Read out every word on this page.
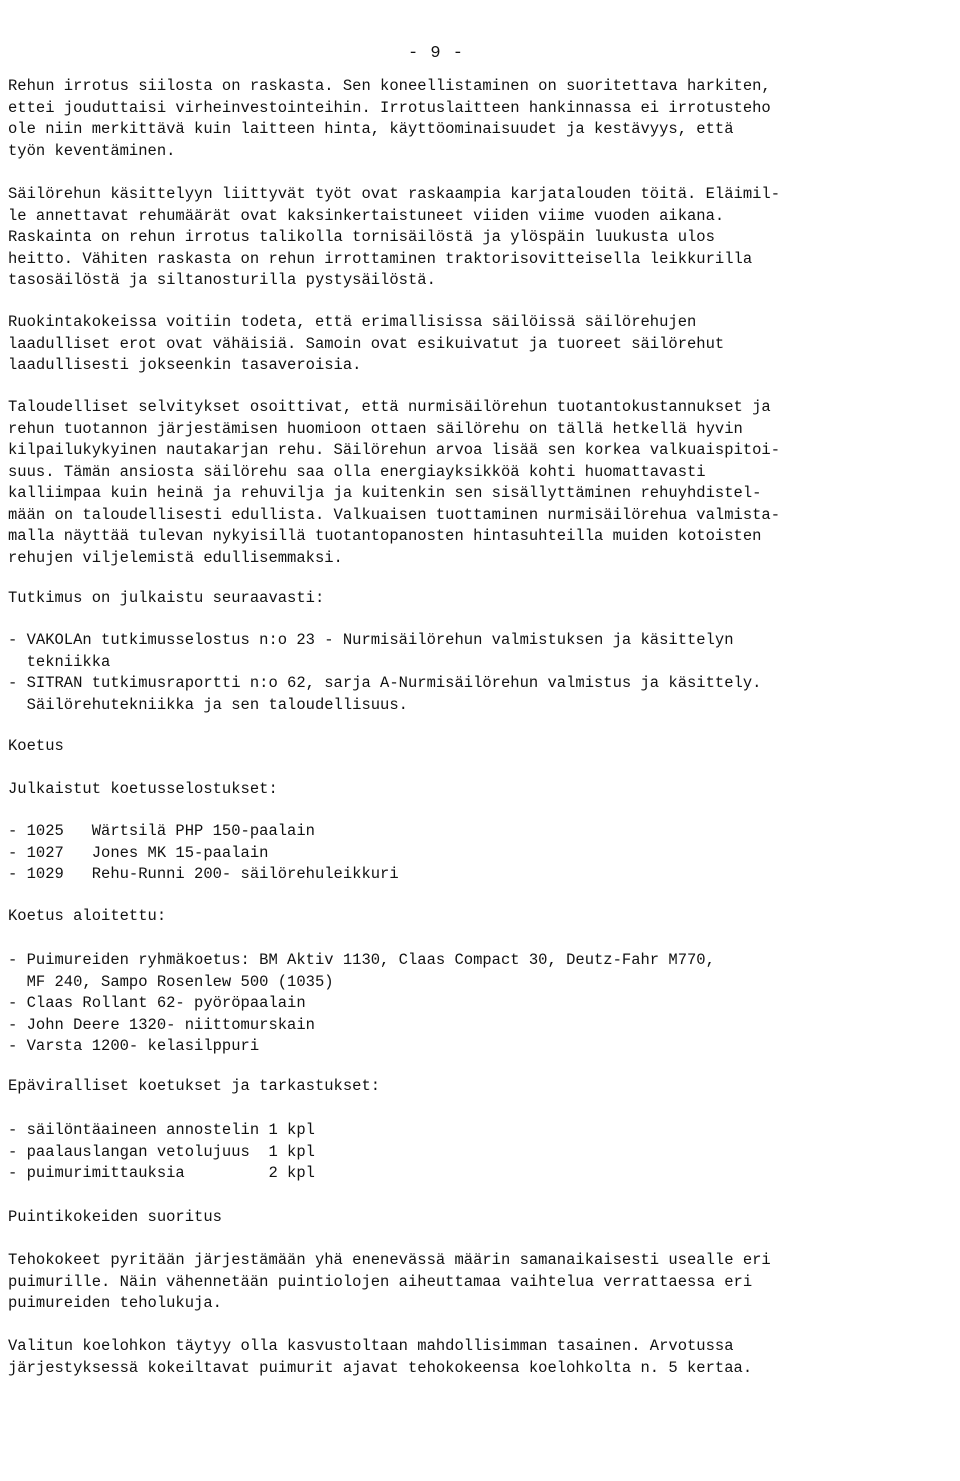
- 9 -
Rehun irrotus siilosta on raskasta. Sen koneellistaminen on suoritettava harkiten,
ettei jouduttaisi virheinvestointeihin. Irrotuslaitteen hankinnassa ei irrotusteho
ole niin merkittävä kuin laitteen hinta, käyttöominaisuudet ja kestävyys, että
työn keventäminen.
Säilörehun käsittelyyn liittyvät työt ovat raskaampia karjatalouden töitä. Eläimil-
le annettavat rehumäärät ovat kaksinkertaistuneet viiden viime vuoden aikana.
Raskainta on rehun irrotus talikolla tornisäilöstä ja ylöspäin luukusta ulos
heitto. Vähiten raskasta on rehun irrottaminen traktorisovitteisella leikkurilla
tasosäilöstä ja siltanosturilla pystysäilöstä.
Ruokintakokeissa voitiin todeta, että erimallisissa säilöissä säilörehujen
laadulliset erot ovat vähäisiä. Samoin ovat esikuivatut ja tuoreet säilörehut
laadullisesti jokseenkin tasaveroisia.
Taloudelliset selvitykset osoittivat, että nurmisäilörehun tuotantokustannukset ja
rehun tuotannon järjestämisen huomioon ottaen säilörehu on tällä hetkellä hyvin
kilpailukykyinen nautakarjan rehu. Säilörehun arvoa lisää sen korkea valkuaispitoi-
suus. Tämän ansiosta säilörehu saa olla energiayksikköä kohti huomattavasti
kalliimpaa kuin heinä ja rehuvilja ja kuitenkin sen sisällyttäminen rehuyhdistel-
mään on taloudellisesti edullista. Valkuaisen tuottaminen nurmisäilörehua valmista-
malla näyttää tulevan nykyisillä tuotantopanosten hintasuhteilla muiden kotoisten
rehujen viljelemistä edullisemmaksi.
Tutkimus on julkaistu seuraavasti:
- VAKOLAn tutkimusselostus n:o 23 - Nurmisäilörehun valmistuksen ja käsittelyn
tekniikka
- SITRAN tutkimusraportti n:o 62, sarja A-Nurmisäilörehun valmistus ja käsittely.
Säilörehutekniikka ja sen taloudellisuus.
Koetus
Julkaistut koetusselostukset:
- 1025   Wärtsilä PHP 150-paalain
- 1027   Jones MK 15-paalain
- 1029   Rehu-Runni 200- säilörehuleikkuri
Koetus aloitettu:
- Puimureiden ryhmäkoetus: BM Aktiv 1130, Claas Compact 30, Deutz-Fahr M770,
MF 240, Sampo Rosenlew 500 (1035)
- Claas Rollant 62- pyöröpaalain
- John Deere 1320- niittomurskain
- Varsta 1200- kelasilppuri
Epäviralliset koetukset ja tarkastukset:
- säilöntäaineen annostelin 1 kpl
- paalauslangan vetolujuus  1 kpl
- puimurimittauksia         2 kpl
Puintikokeiden suoritus
Tehokokeet pyritään järjestämään yhä enenevässä määrin samanaikaisesti usealle eri
puimurille. Näin vähennetään puintiolojen aiheuttamaa vaihtelua verrattaessa eri
puimureiden teholukuja.
Valitun koelohkon täytyy olla kasvustoltaan mahdollisimman tasainen. Arvotussa
järjestyksessä kokeiltavat puimurit ajavat tehokokeensa koelohkolta n. 5 kertaa.
